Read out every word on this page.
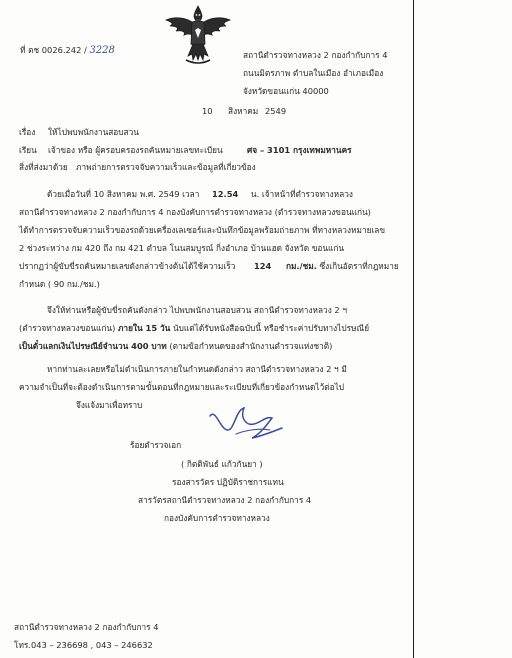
ที่ ตช 0026.242 / 3228	สถานีตำรวจทางหลวง 2 กองกำกับการ 4
ถนนมิตรภาพ ตำบลในเมือง อำเภอเมือง
จังหวัดขอนแก่น 40000
10 สิงหาคม 2549
เรื่อง ให้ไปพบพนักงานสอบสวน
เรียน เจ้าของ หรือ ผู้ครอบครองรถคันหมายเลขทะเบียน	ศจ – 3101 กรุงเทพมหานคร
สิ่งที่ส่งมาด้วย ภาพถ่ายการตรวจจับความเร็วและข้อมูลที่เกี่ยวข้อง
ด้วยเมื่อวันที่ 10 สิงหาคม พ.ศ. 2549 เวลา 12.54 น. เจ้าหน้าที่ตำรวจทางหลวง
สถานีตำรวจทางหลวง 2 กองกำกับการ 4 กองบังคับการตำรวจทางหลวง (ตำรวจทางหลวงขอนแก่น)
ได้ทำการตรวจจับความเร็วของรถด้วยเครื่องเลเซอร์และบันทึกข้อมูลพร้อมถ่ายภาพ ที่ทางหลวงหมายเลข
2 ช่วงระหว่าง กม 420 ถึง กม 421 ตำบล โนนสมบูรณ์ กิ่งอำเภอ บ้านแฮด จังหวัด ขอนแก่น
ปรากฏว่าผู้ขับขี่รถคันหมายเลขดังกล่าวข้างต้นได้ใช้ความเร็ว 124 กม./ชม. ซึ่งเกินอัตราที่กฎหมาย
กำหนด ( 90 กม./ชม.)
จึงให้ท่านหรือผู้ขับขี่รถคันดังกล่าว ไปพบพนักงานสอบสวน สถานีตำรวจทางหลวง 2 ฯ
(ตำรวจทางหลวงขอนแก่น) ภายใน 15 วัน นับแต่ได้รับหนังสือฉบับนี้ หรือชำระค่าปรับทางไปรษณีย์
เป็นตั๋วแลกเงินไปรษณีย์จำนวน 400 บาท (ตามข้อกำหนดของสำนักงานตำรวจแห่งชาติ)
หากท่านละเลยหรือไม่ดำเนินการภายในกำหนดดังกล่าว สถานีตำรวจทางหลวง 2 ฯ มี
ความจำเป็นที่จะต้องดำเนินการตามขั้นตอนที่กฎหมายและระเบียบที่เกี่ยวข้องกำหนดไว้ต่อไป
จึงแจ้งมาเพื่อทราบ
ร้อยตำรวจเอก
( กิตติพันธ์ แก้วกันยา )
รองสารวัตร ปฏิบัติราชการแทน
สารวัตรสถานีตำรวจทางหลวง 2 กองกำกับการ 4
กองบังคับการตำรวจทางหลวง
สถานีตำรวจทางหลวง 2 กองกำกับการ 4
โทร.043 – 236698 , 043 – 246632
